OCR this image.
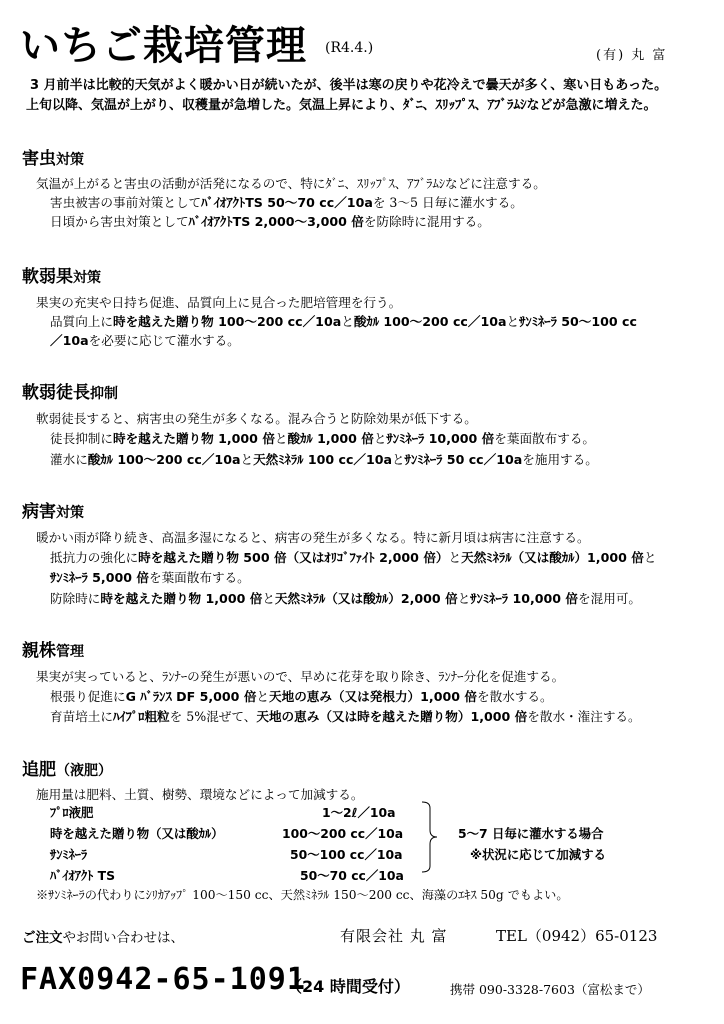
いちご栽培管理 (R4.4.)	(有) 丸 富
3 月前半は比較的天気がよく暖かい日が続いたが、後半は寒の戻りや花冷えで曇天が多く、寒い日もあった。
上旬以降、気温が上がり、収穫量が急増した。気温上昇により、ﾀﾞﾆ、ｽﾘｯﾌﾟｽ、ｱﾌﾞﾗﾑｼなどが急激に増えた。
害虫対策
気温が上がると害虫の活動が活発になるので、特にﾀﾞﾆ、ｽﾘｯﾌﾟｽ、ｱﾌﾞﾗﾑｼなどに注意する。
害虫被害の事前対策としてﾊﾞｲｵｱｸﾄTS 50～70 cc／10aを 3～5 日毎に灌水する。
日頃から害虫対策としてﾊﾞｲｵｱｸﾄTS 2,000～3,000 倍を防除時に混用する。
軟弱果対策
果実の充実や日持ち促進、品質向上に見合った肥培管理を行う。
品質向上に時を越えた贈り物 100～200 cc／10aと酸ｶﾙ 100～200 cc／10aとｻﾝﾐﾈｰﾗ 50～100 cc
／10aを必要に応じて灌水する。
軟弱徒長抑制
軟弱徒長すると、病害虫の発生が多くなる。混み合うと防除効果が低下する。
徒長抑制に時を越えた贈り物 1,000 倍と酸ｶﾙ 1,000 倍とｻﾝﾐﾈｰﾗ 10,000 倍を葉面散布する。
灌水に酸ｶﾙ 100～200 cc／10aと天然ﾐﾈﾗﾙ 100 cc／10aとｻﾝﾐﾈｰﾗ 50 cc／10aを施用する。
病害対策
暖かい雨が降り続き、高温多湿になると、病害の発生が多くなる。特に新月頃は病害に注意する。
抵抗力の強化に時を越えた贈り物 500 倍（又はｵﾘｺﾞﾌｧｲﾄ 2,000 倍）と天然ﾐﾈﾗﾙ（又は酸ｶﾙ）1,000 倍と
ｻﾝﾐﾈｰﾗ 5,000 倍を葉面散布する。
防除時に時を越えた贈り物 1,000 倍と天然ﾐﾈﾗﾙ（又は酸ｶﾙ）2,000 倍とｻﾝﾐﾈｰﾗ 10,000 倍を混用可。
親株管理
果実が実っていると、ﾗﾝﾅｰの発生が悪いので、早めに花芽を取り除き、ﾗﾝﾅｰ分化を促進する。
根張り促進にG ﾊﾞﾗﾝｽ DF 5,000 倍と天地の恵み（又は発根力）1,000 倍を散水する。
育苗培土にﾊｲﾌﾟﾛ粗粒を 5%混ぜて、天地の恵み（又は時を越えた贈り物）1,000 倍を散水・潅注する。
追肥（液肥）
施用量は肥料、土質、樹勢、環境などによって加減する。
ﾌﾟﾛ液肥	1～2ℓ／10a
時を越えた贈り物（又は酸ｶﾙ）	100～200 cc／10a
ｻﾝﾐﾈｰﾗ	50～100 cc／10a
ﾊﾞｲｵｱｸﾄ TS	50～70 cc／10a
5～7 日毎に灌水する場合
※状況に応じて加減する
※ｻﾝﾐﾈｰﾗの代わりにｼﾘｶｱｯﾌﾟ 100～150 cc、天然ﾐﾈﾗﾙ 150～200 cc、海藻のｴｷｽ 50g でもよい。
ご注文やお問い合わせは、	有限会社 丸 富	TEL（0942）65-0123
FAX0942-65-1091
（24 時間受付）	携帯 090-3328-7603（富松まで）
